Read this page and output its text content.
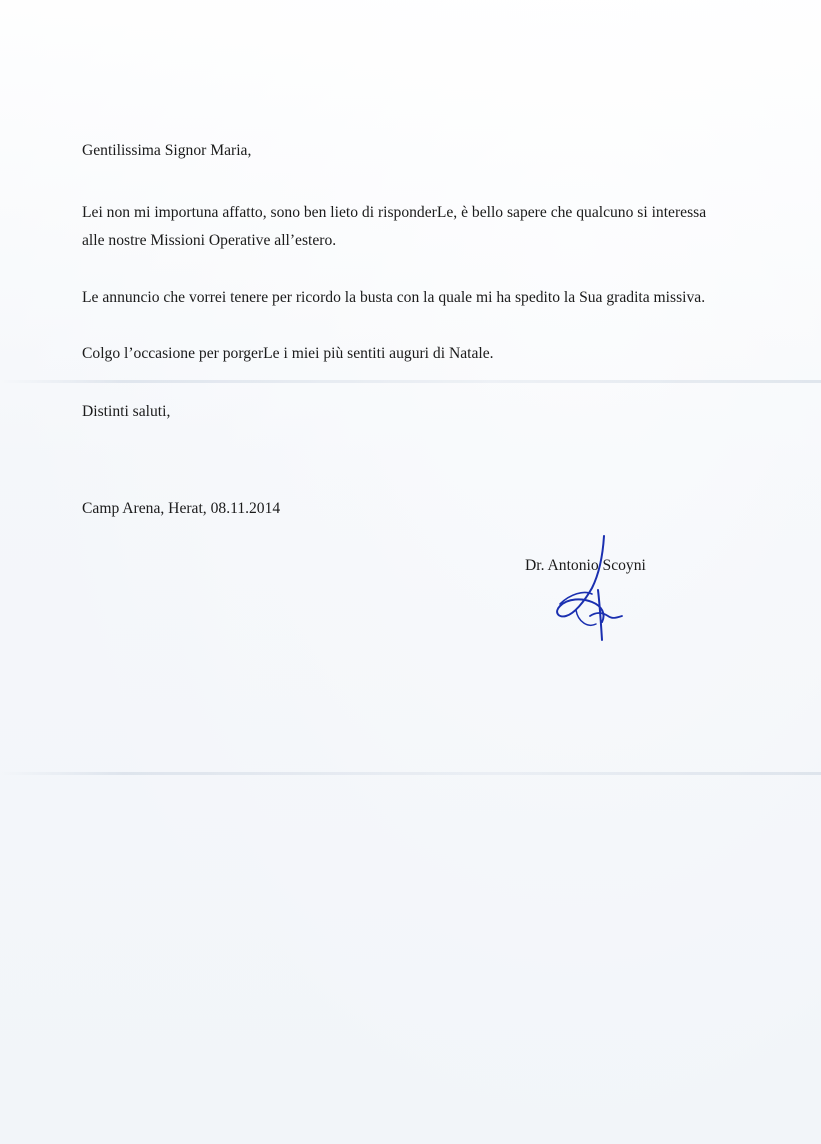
Gentilissima Signor Maria,

Lei non mi importuna affatto, sono ben lieto di risponderLe, è bello sapere che qualcuno si interessa

alle nostre Missioni Operative all’estero.

Le annuncio che vorrei tenere per ricordo la busta con la quale mi ha spedito la Sua gradita missiva.

Colgo l’occasione per porgerLe i miei più sentiti auguri di Natale.

Distinti saluti,

Camp Arena, Herat, 08.11.2014

Dr. Antonio Scoyni
